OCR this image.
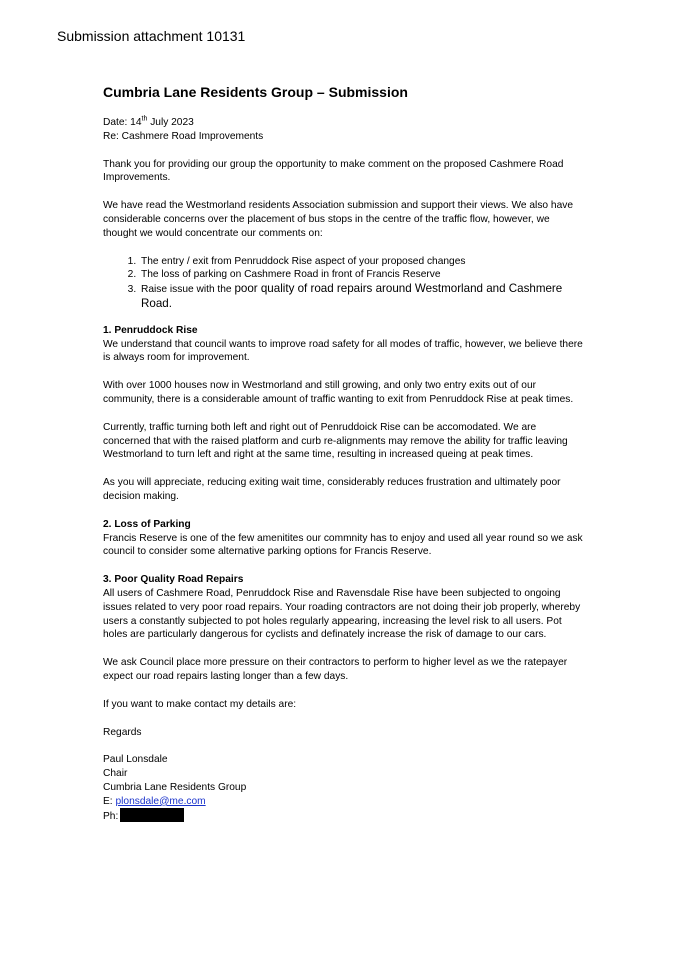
Submission attachment 10131
Cumbria Lane Residents Group – Submission

Date: 14th July 2023

Re: Cashmere Road Improvements

Thank you for providing our group the opportunity to make comment on the proposed Cashmere Road Improvements.

We have read the Westmorland residents Association submission and support their views. We also have considerable concerns over the placement of bus stops in the centre of the traffic flow, however, we thought we would concentrate our comments on:

1. The entry / exit from Penruddock Rise aspect of your proposed changes
2. The loss of parking on Cashmere Road in front of Francis Reserve
3. Raise issue with the poor quality of road repairs around Westmorland and Cashmere Road.
1. Penruddock Rise

We understand that council wants to improve road safety for all modes of traffic, however, we believe there is always room for improvement.

With over 1000 houses now in Westmorland and still growing, and only two entry exits out of our community, there is a considerable amount of traffic wanting to exit from Penruddock Rise at peak times.

Currently, traffic turning both left and right out of Penruddoick Rise can be accomodated. We are concerned that with the raised platform and curb re-alignments may remove the ability for traffic leaving Westmorland to turn left and right at the same time, resulting in increased queing at peak times.

As you will appreciate, reducing exiting wait time, considerably reduces frustration and ultimately poor decision making.

2. Loss of Parking

Francis Reserve is one of the few amenitites our commnity has to enjoy and used all year round so we ask council to consider some alternative parking options for Francis Reserve.

3. Poor Quality Road Repairs

All users of Cashmere Road, Penruddock Rise and Ravensdale Rise have been subjected to ongoing issues related to very poor road repairs. Your roading contractors are not doing their job properly, whereby users a constantly subjected to pot holes regularly appearing, increasing the level risk to all users. Pot holes are particularly dangerous for cyclists and definately increase the risk of damage to our cars.

We ask Council place more pressure on their contractors to perform to higher level as we the ratepayer expect our road repairs lasting longer than a few days.

If you want to make contact my details are:

Regards

Paul Lonsdale
Chair
Cumbria Lane Residents Group
E: plonsdale@me.com
Ph:
